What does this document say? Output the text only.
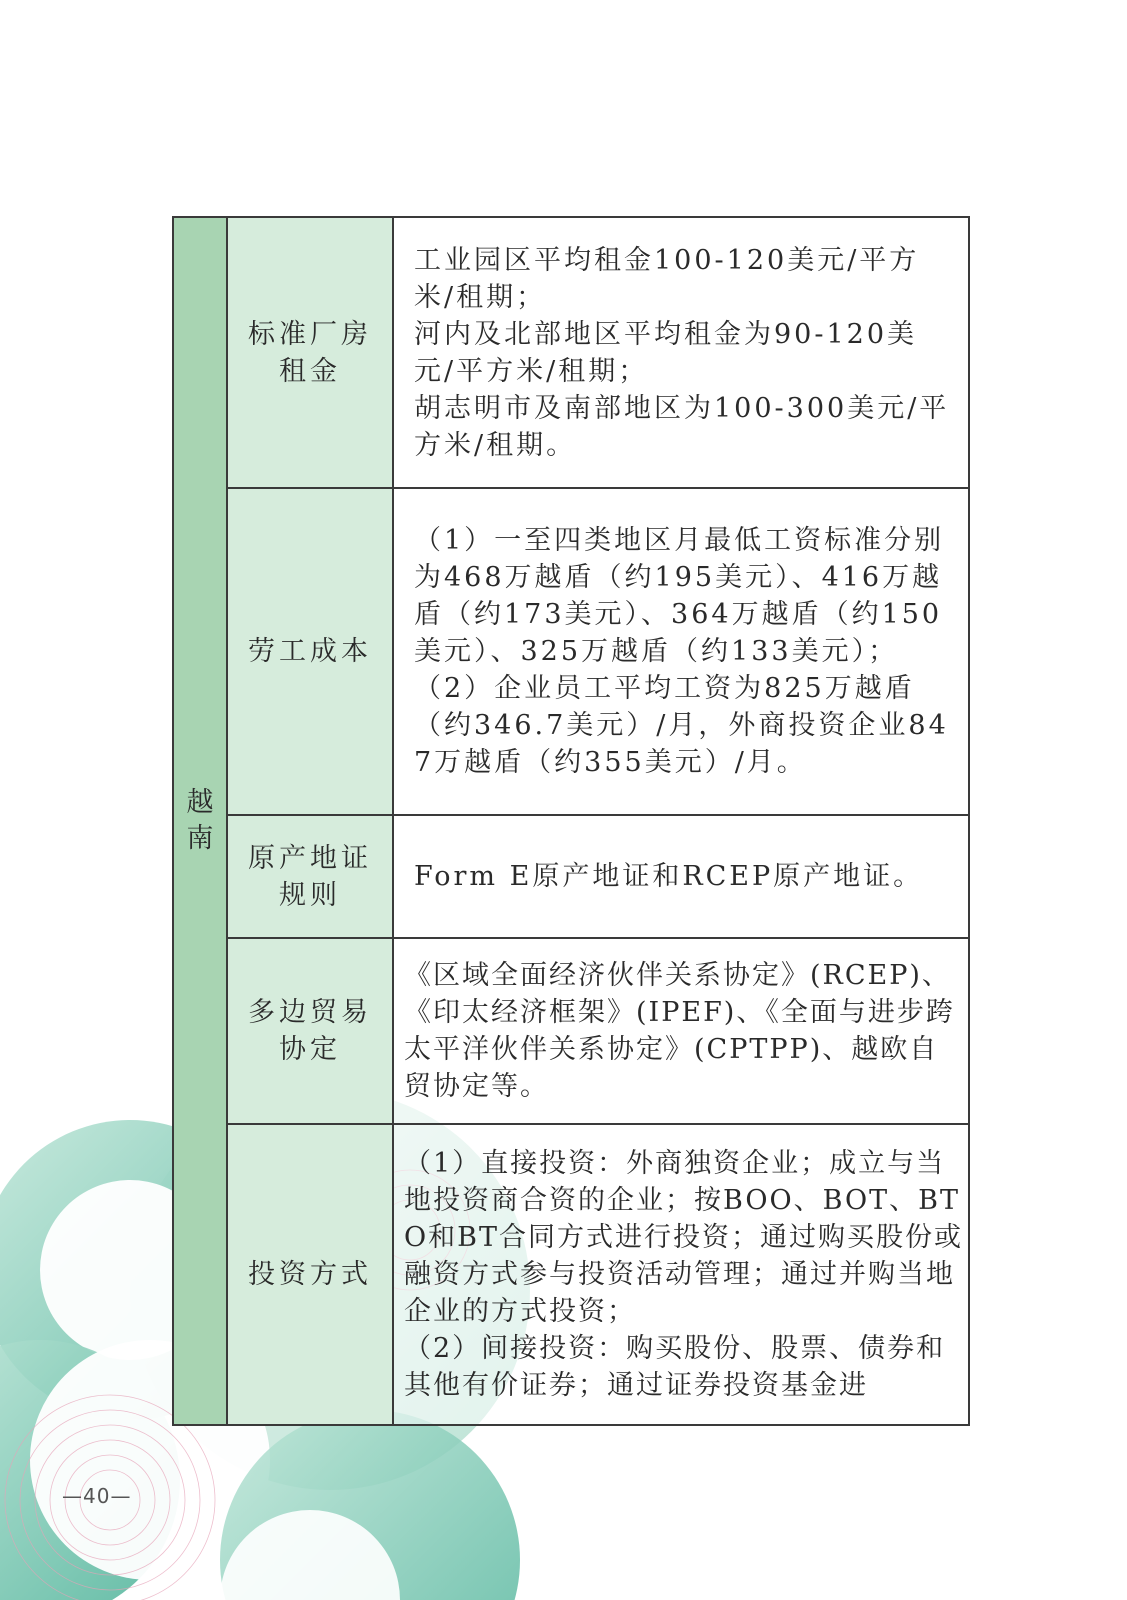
越南	标准厂房租金	工业园区平均租金100-120美元/平方米/租期；
河内及北部地区平均租金为90-120美元/平方米/租期；
胡志明市及南部地区为100-300美元/平方米/租期。

	劳工成本	（1）一至四类地区月最低工资标准分别为468万越盾（约195美元）、416万越盾（约173美元）、364万越盾（约150美元）、325万越盾（约133美元）；
（2）企业员工平均工资为825万越盾（约346.7美元）/月，外商投资企业847万越盾（约355美元）/月。

	原产地证规则	Form E原产地证和RCEP原产地证。

	多边贸易协定	《区域全面经济伙伴关系协定》(RCEP)、《印太经济框架》(IPEF)、《全面与进步跨太平洋伙伴关系协定》(CPTPP)、越欧自贸协定等。

	投资方式	（1）直接投资：外商独资企业；成立与当地投资商合资的企业；按BOO、BOT、BTO和BT合同方式进行投资；通过购买股份或融资方式参与投资活动管理；通过并购当地企业的方式投资；
（2）间接投资：购买股份、股票、债券和其他有价证券；通过证券投资基金进
—40—
